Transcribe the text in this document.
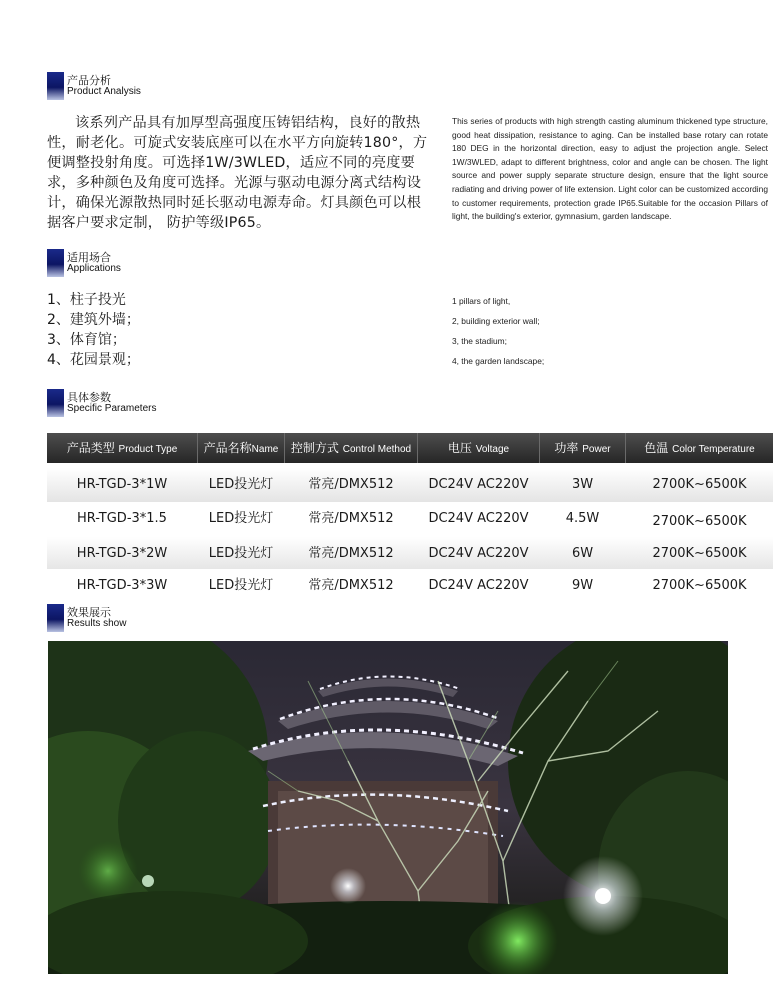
产品分析
Product Analysis

该系列产品具有加厚型高强度压铸铝结构，良好的散热性，耐老化。可旋式安装底座可以在水平方向旋转180°，方便调整投射角度。可选择1W/3WLED，适应不同的亮度要求，多种颜色及角度可选择。光源与驱动电源分离式结构设计，确保光源散热同时延长驱动电源寿命。灯具颜色可以根据客户要求定制， 防护等级IP65。

This series of products with high strength casting aluminum thickened type structure, good heat dissipation, resistance to aging. Can be installed base rotary can rotate 180 DEG in the horizontal direction, easy to adjust the projection angle. Select 1W/3WLED, adapt to different brightness, color and angle can be chosen. The light source and power supply separate structure design, ensure that the light source radiating and driving power of life extension. Light color can be customized according to customer requirements, protection grade IP65.Suitable for the occasion Pillars of light, the building's exterior, gymnasium, garden landscape.

适用场合
Applications
1、柱子投光
2、建筑外墙；
3、体育馆；
4、花园景观；
1 pillars of light,
2, building exterior wall;
3, the stadium;
4, the garden landscape;
具体参数
Specific Parameters
产品类型 Product Type	产品名称Name	控制方式 Control Method	电压 Voltage	功率 Power	色温 Color Temperature
HR-TGD-3*1W	LED投光灯	常亮/DMX512	DC24V AC220V	3W	2700K~6500K
HR-TGD-3*1.5	LED投光灯	常亮/DMX512	DC24V AC220V	4.5W	2700K~6500K
HR-TGD-3*2W	LED投光灯	常亮/DMX512	DC24V AC220V	6W	2700K~6500K
HR-TGD-3*3W	LED投光灯	常亮/DMX512	DC24V AC220V	9W	2700K~6500K
效果展示
Results show
